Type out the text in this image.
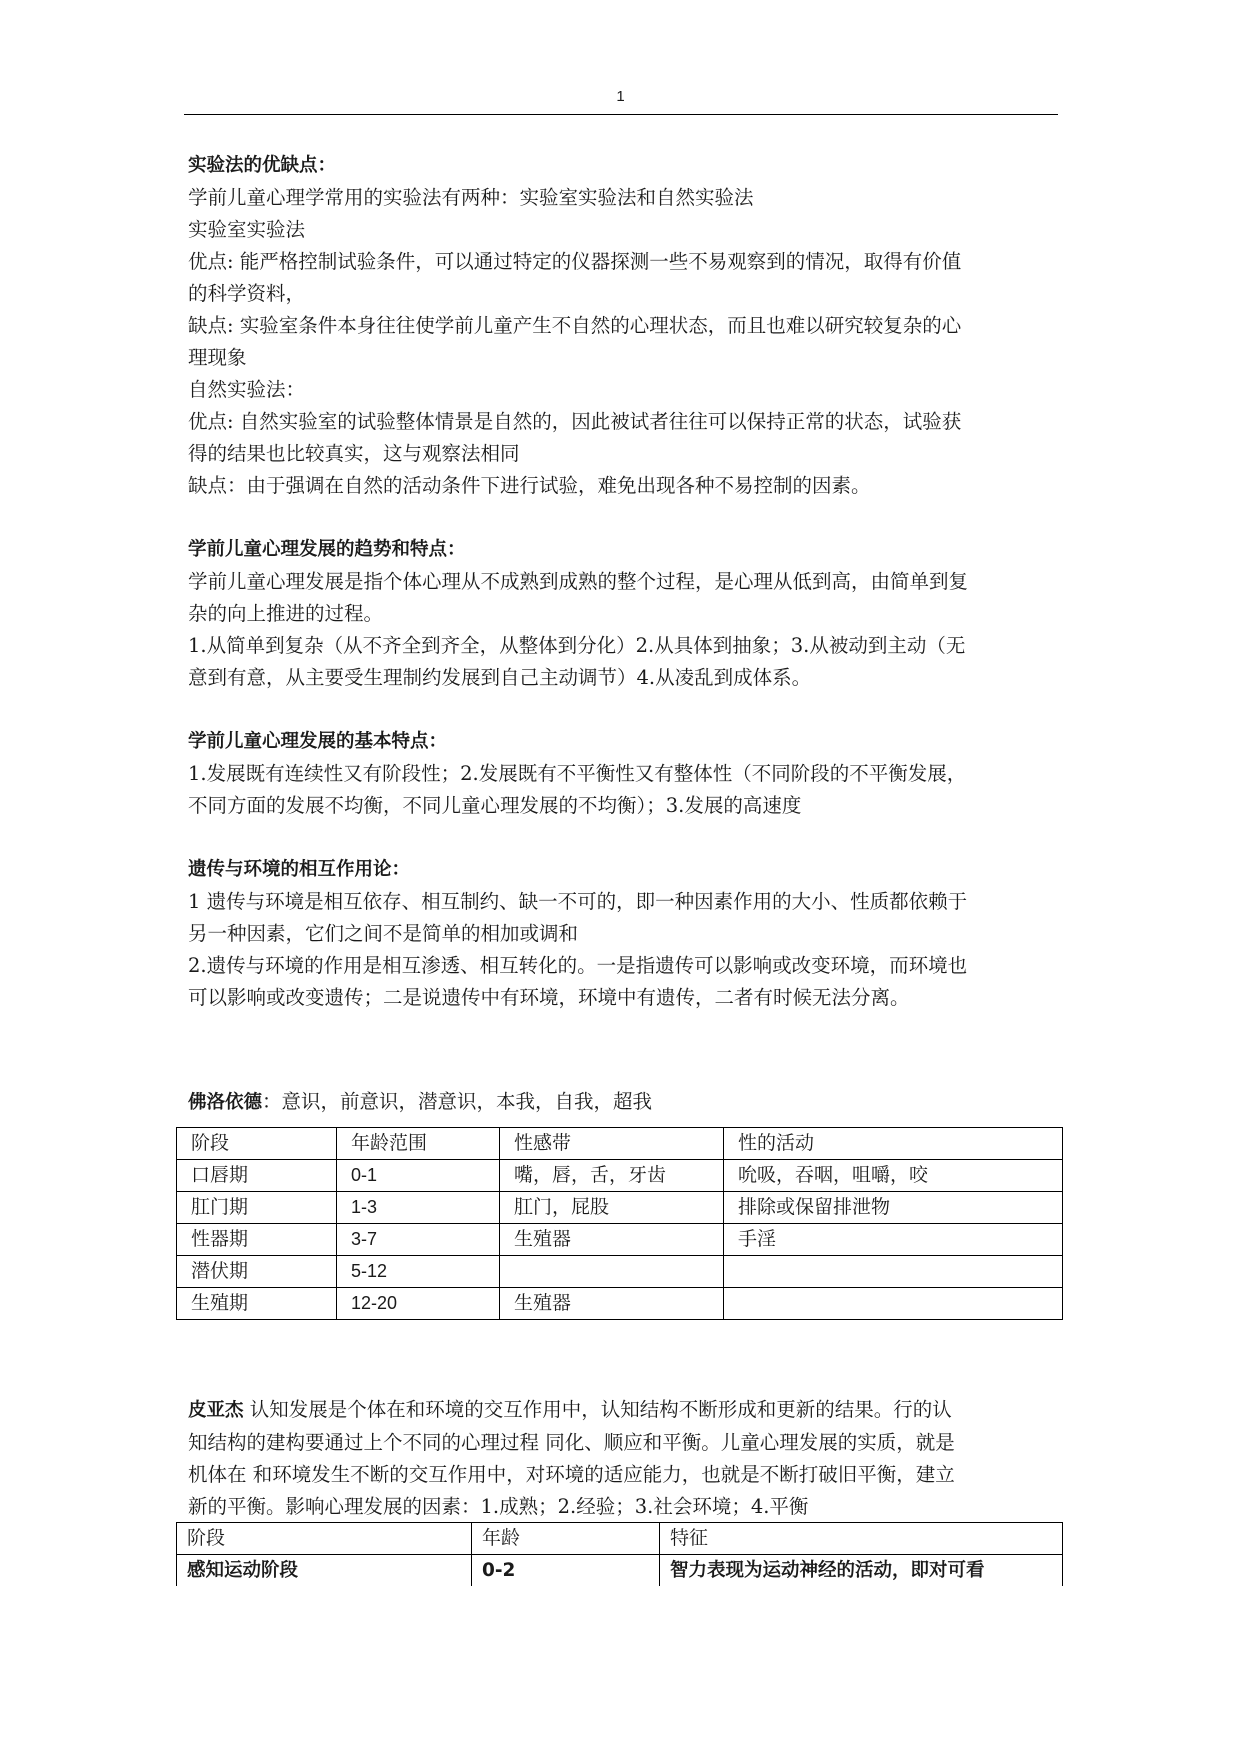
1
实验法的优缺点：
学前儿童心理学常用的实验法有两种：实验室实验法和自然实验法
实验室实验法
优点: 能严格控制试验条件，可以通过特定的仪器探测一些不易观察到的情况，取得有价值
的科学资料，
缺点: 实验室条件本身往往使学前儿童产生不自然的心理状态，而且也难以研究较复杂的心
理现象
自然实验法：
优点: 自然实验室的试验整体情景是自然的，因此被试者往往可以保持正常的状态，试验获
得的结果也比较真实，这与观察法相同
缺点：由于强调在自然的活动条件下进行试验，难免出现各种不易控制的因素。
学前儿童心理发展的趋势和特点：
学前儿童心理发展是指个体心理从不成熟到成熟的整个过程，是心理从低到高，由简单到复
杂的向上推进的过程。
1.从简单到复杂（从不齐全到齐全，从整体到分化）2.从具体到抽象；3.从被动到主动（无
意到有意，从主要受生理制约发展到自己主动调节）4.从凌乱到成体系。
学前儿童心理发展的基本特点：
1.发展既有连续性又有阶段性；2.发展既有不平衡性又有整体性（不同阶段的不平衡发展，
不同方面的发展不均衡，不同儿童心理发展的不均衡）；3.发展的高速度
遗传与环境的相互作用论：
1 遗传与环境是相互依存、相互制约、缺一不可的，即一种因素作用的大小、性质都依赖于
另一种因素，它们之间不是简单的相加或调和
2.遗传与环境的作用是相互渗透、相互转化的。一是指遗传可以影响或改变环境，而环境也
可以影响或改变遗传；二是说遗传中有环境，环境中有遗传，二者有时候无法分离。
佛洛依德：意识，前意识，潜意识，本我，自我，超我
阶段	年龄范围	性感带	性的活动
口唇期	0-1	嘴，唇，舌，牙齿	吮吸，吞咽，咀嚼，咬
肛门期	1-3	肛门，屁股	排除或保留排泄物
性器期	3-7	生殖器	手淫
潜伏期	5-12		
生殖期	12-20	生殖器	
皮亚杰 认知发展是个体在和环境的交互作用中，认知结构不断形成和更新的结果。行的认
知结构的建构要通过上个不同的心理过程 同化、顺应和平衡。儿童心理发展的实质，就是
机体在 和环境发生不断的交互作用中，对环境的适应能力，也就是不断打破旧平衡，建立
新的平衡。影响心理发展的因素：1.成熟；2.经验；3.社会环境；4.平衡
阶段	年龄	特征
感知运动阶段	0-2	智力表现为运动神经的活动，即对可看
